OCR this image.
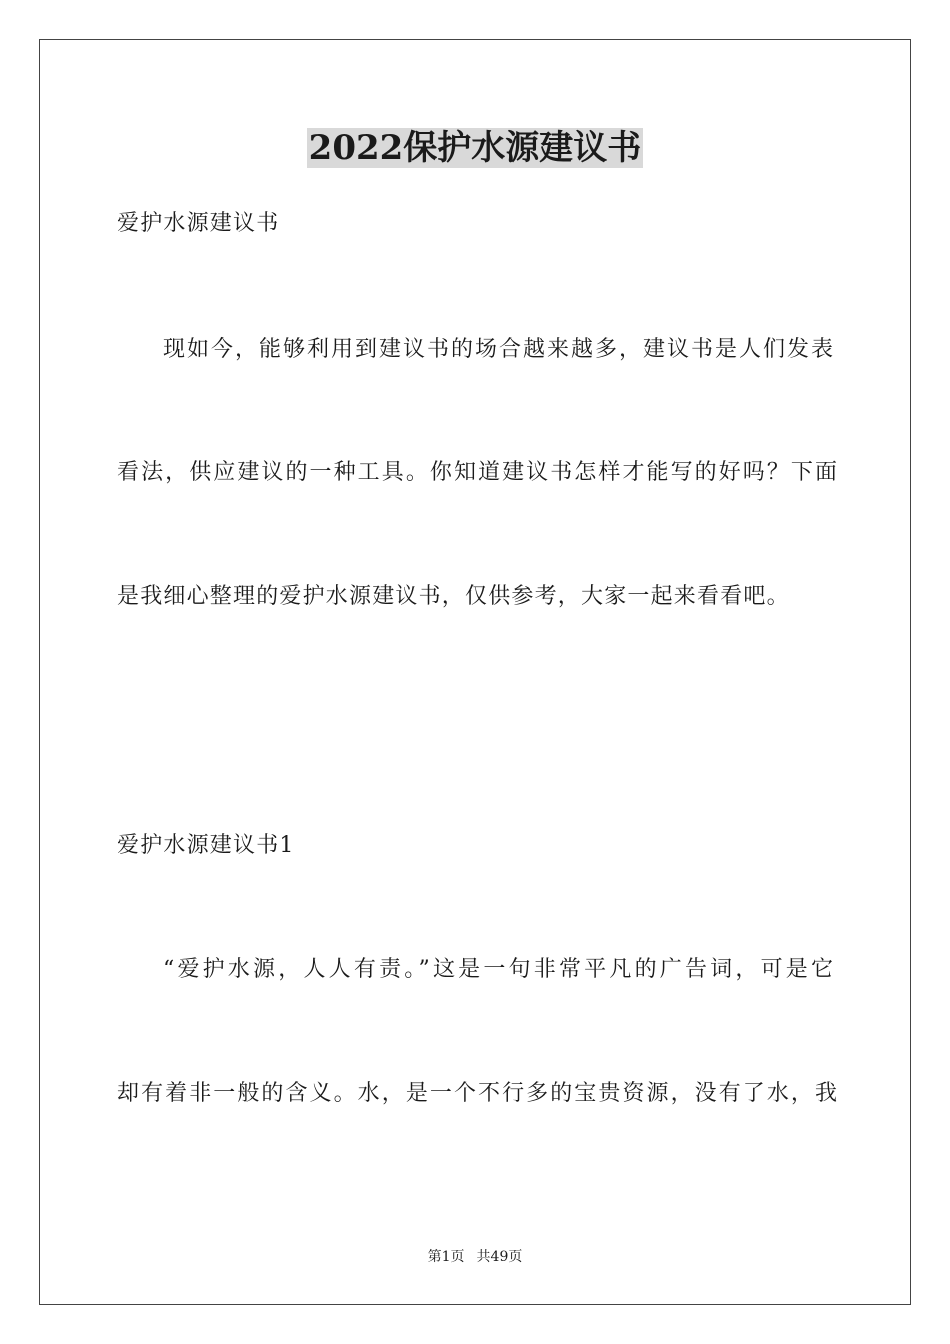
2022保护水源建议书
爱护水源建议书
现如今，能够利用到建议书的场合越来越多，建议书是人们发表
看法，供应建议的一种工具。你知道建议书怎样才能写的好吗？下面
是我细心整理的爱护水源建议书，仅供参考，大家一起来看看吧。
爱护水源建议书1
“爱护水源，人人有责。”这是一句非常平凡的广告词，可是它
却有着非一般的含义。水，是一个不行多的宝贵资源，没有了水，我
第1页 共49页
